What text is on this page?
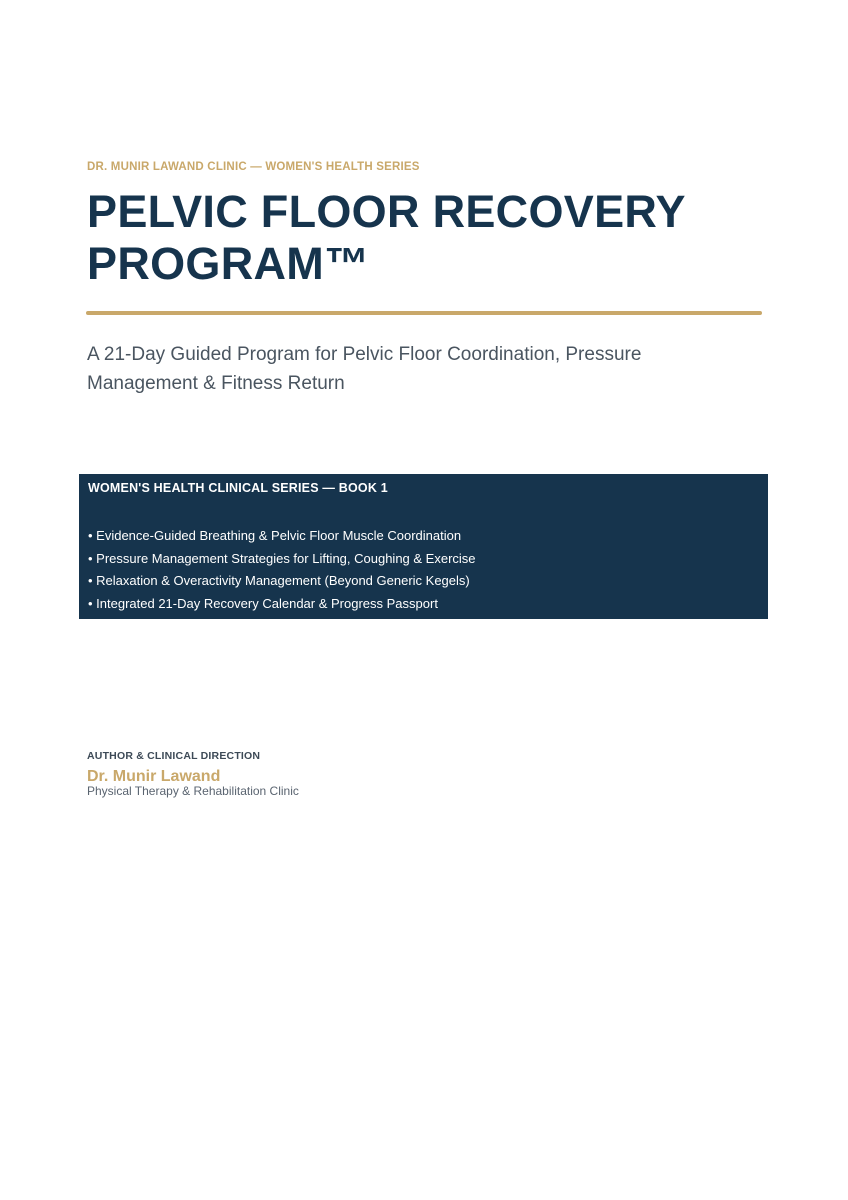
DR. MUNIR LAWAND CLINIC — WOMEN'S HEALTH SERIES
PELVIC FLOOR RECOVERY PROGRAM™

A 21-Day Guided Program for Pelvic Floor Coordination, Pressure Management & Fitness Return

WOMEN'S HEALTH CLINICAL SERIES — BOOK 1
• Evidence-Guided Breathing & Pelvic Floor Muscle Coordination
• Pressure Management Strategies for Lifting, Coughing & Exercise
• Relaxation & Overactivity Management (Beyond Generic Kegels)
• Integrated 21-Day Recovery Calendar & Progress Passport
AUTHOR & CLINICAL DIRECTION
Dr. Munir Lawand
Physical Therapy & Rehabilitation Clinic
